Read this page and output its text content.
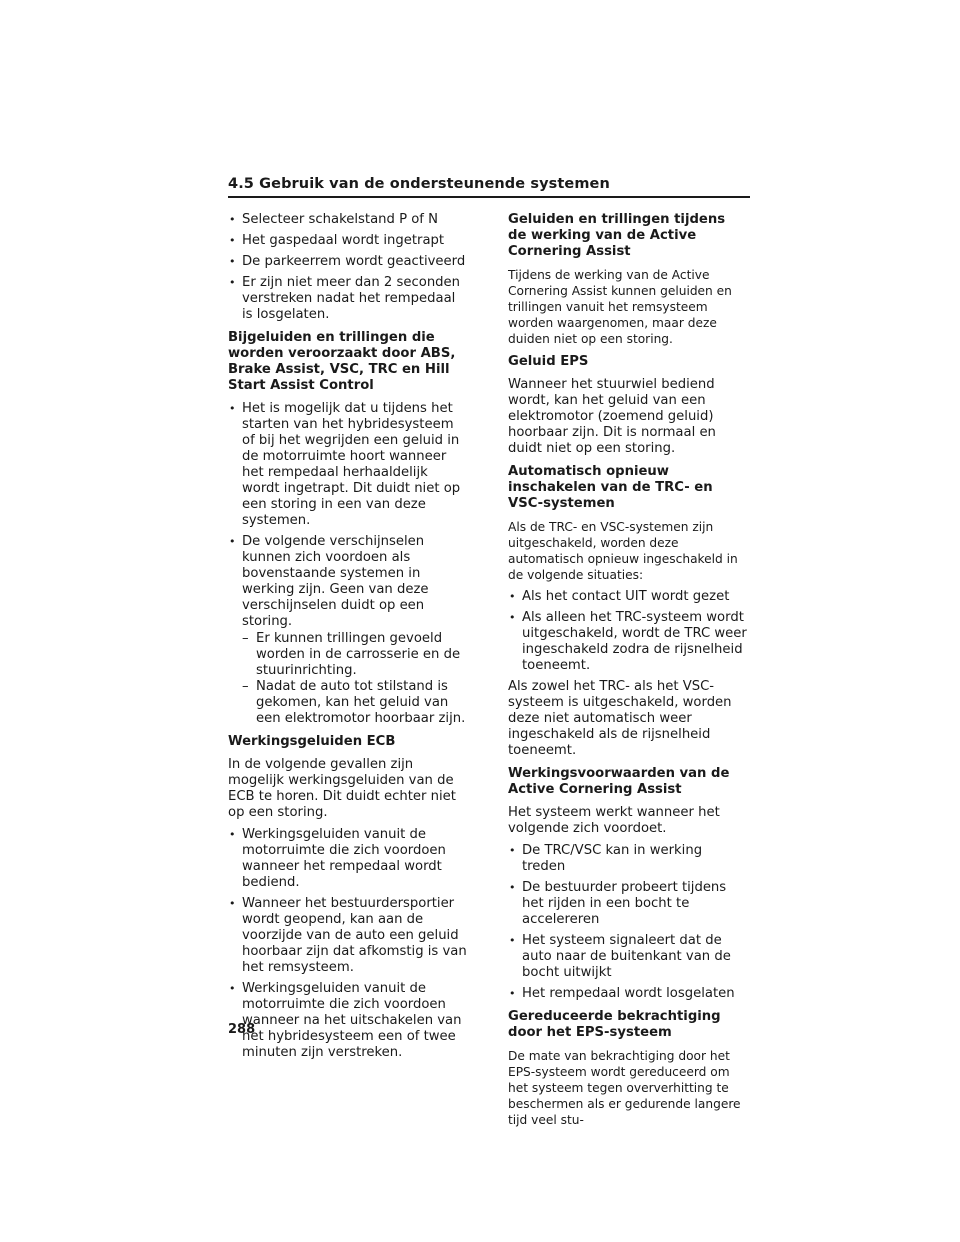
4.5 Gebruik van de ondersteunende systemen
• Selecteer schakelstand P of N
• Het gaspedaal wordt ingetrapt
• De parkeerrem wordt geactiveerd
• Er zijn niet meer dan 2 seconden verstreken nadat het rempedaal is losgelaten.
Bijgeluiden en trillingen die worden veroorzaakt door ABS, Brake Assist, VSC, TRC en Hill Start Assist Control
• Het is mogelijk dat u tijdens het starten van het hybridesysteem of bij het wegrijden een geluid in de motorruimte hoort wanneer het rempedaal herhaaldelijk wordt ingetrapt. Dit duidt niet op een storing in een van deze systemen.
• De volgende verschijnselen kunnen zich voordoen als bovenstaande systemen in werking zijn. Geen van deze verschijnselen duidt op een storing.
– Er kunnen trillingen gevoeld worden in de carrosserie en de stuurinrichting.
– Nadat de auto tot stilstand is gekomen, kan het geluid van een elektromotor hoorbaar zijn.
Werkingsgeluiden ECB

In de volgende gevallen zijn mogelijk werkingsgeluiden van de ECB te horen. Dit duidt echter niet op een storing.

• Werkingsgeluiden vanuit de motorruimte die zich voordoen wanneer het rempedaal wordt bediend.
• Wanneer het bestuurdersportier wordt geopend, kan aan de voorzijde van de auto een geluid hoorbaar zijn dat afkomstig is van het remsysteem.
• Werkingsgeluiden vanuit de motorruimte die zich voordoen wanneer na het uitschakelen van het hybridesysteem een of twee minuten zijn verstreken.
Geluiden en trillingen tijdens de werking van de Active Cornering Assist

Tijdens de werking van de Active Cornering Assist kunnen geluiden en trillingen vanuit het remsysteem worden waargenomen, maar deze duiden niet op een storing.

Geluid EPS

Wanneer het stuurwiel bediend wordt, kan het geluid van een elektromotor (zoemend geluid) hoorbaar zijn. Dit is normaal en duidt niet op een storing.

Automatisch opnieuw inschakelen van de TRC- en VSC-systemen

Als de TRC- en VSC-systemen zijn uitgeschakeld, worden deze automatisch opnieuw ingeschakeld in de volgende situaties:

• Als het contact UIT wordt gezet
• Als alleen het TRC-systeem wordt uitgeschakeld, wordt de TRC weer ingeschakeld zodra de rijsnelheid toeneemt.

Als zowel het TRC- als het VSC-systeem is uitgeschakeld, worden deze niet automatisch weer ingeschakeld als de rijsnelheid toeneemt.

Werkingsvoorwaarden van de Active Cornering Assist

Het systeem werkt wanneer het volgende zich voordoet.

• De TRC/VSC kan in werking treden
• De bestuurder probeert tijdens het rijden in een bocht te accelereren
• Het systeem signaleert dat de auto naar de buitenkant van de bocht uitwijkt
• Het rempedaal wordt losgelaten
Gereduceerde bekrachtiging door het EPS-systeem

De mate van bekrachtiging door het EPS-systeem wordt gereduceerd om het systeem tegen oververhitting te beschermen als er gedurende langere tijd veel stu-

288
